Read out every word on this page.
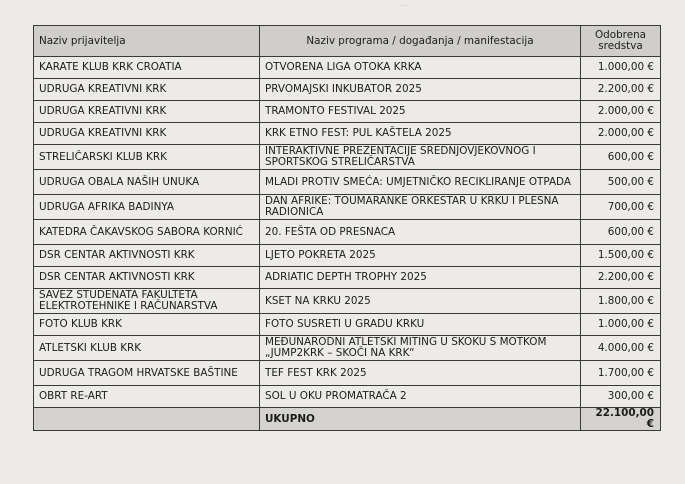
...
Naziv prijavitelja	Naziv programa / događanja / manifestacija	Odobrena sredstva
KARATE KLUB KRK CROATIA	OTVORENA LIGA OTOKA KRKA	1.000,00 €
UDRUGA KREATIVNI KRK	PRVOMAJSKI INKUBATOR 2025	2.200,00 €
UDRUGA KREATIVNI KRK	TRAMONTO FESTIVAL 2025	2.000,00 €
UDRUGA KREATIVNI KRK	KRK ETNO FEST: PUL KAŠTELA 2025	2.000,00 €
STRELIČARSKI KLUB KRK	INTERAKTIVNE PREZENTACIJE SREDNJOVJEKOVNOG I SPORTSKOG STRELIČARSTVA	600,00 €
UDRUGA OBALA NAŠIH UNUKA	MLADI PROTIV SMEĆA: UMJETNIČKO RECIKLIRANJE OTPADA	500,00 €
UDRUGA AFRIKA BADINYA	DAN AFRIKE: TOUMARANKE ORKESTAR U KRKU I PLESNA RADIONICA	700,00 €
KATEDRA ČAKAVSKOG SABORA KORNIĆ	20. FEŠTA OD PRESNACA	600,00 €
DSR CENTAR AKTIVNOSTI KRK	LJETO POKRETA 2025	1.500,00 €
DSR CENTAR AKTIVNOSTI KRK	ADRIATIC DEPTH TROPHY 2025	2.200,00 €
SAVEZ STUDENATA FAKULTETA ELEKTROTEHNIKE I RAČUNARSTVA	KSET NA KRKU 2025	1.800,00 €
FOTO KLUB KRK	FOTO SUSRETI U GRADU KRKU	1.000,00 €
ATLETSKI KLUB KRK	MEĐUNARODNI ATLETSKI MITING U SKOKU S MOTKOM „JUMP2KRK – SKOČI NA KRK“	4.000,00 €
UDRUGA TRAGOM HRVATSKE BAŠTINE	TEF FEST KRK 2025	1.700,00 €
OBRT RE-ART	SOL U OKU PROMATRAČA 2	300,00 €
	UKUPNO	22.100,00 €
